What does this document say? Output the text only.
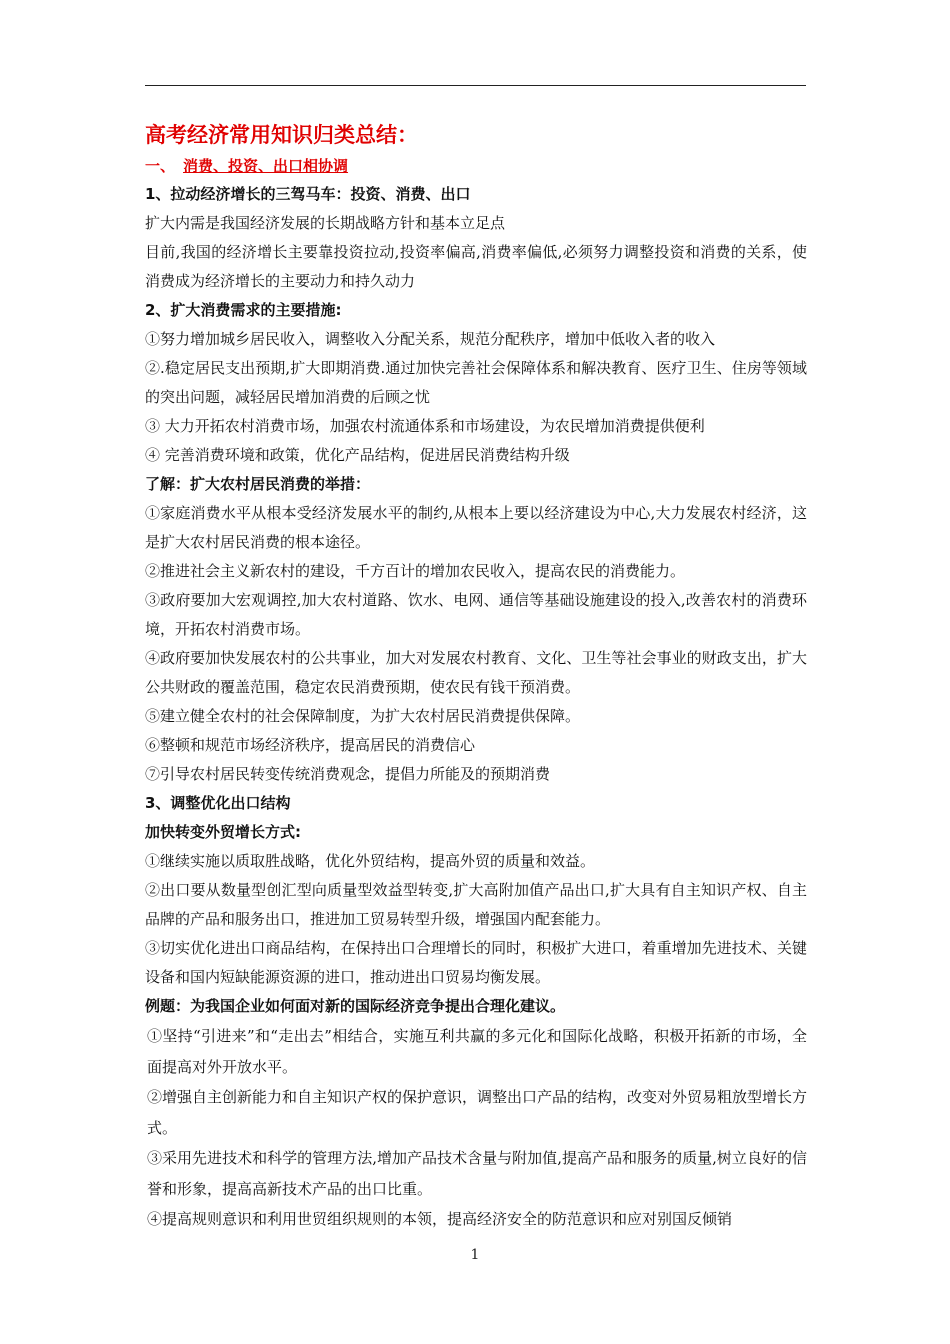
高考经济常用知识归类总结：
一、 消费、投资、出口相协调
1、拉动经济增长的三驾马车：投资、消费、出口
扩大内需是我国经济发展的长期战略方针和基本立足点
目前,我国的经济增长主要靠投资拉动,投资率偏高,消费率偏低,必须努力调整投资和消费的关系，使消费成为经济增长的主要动力和持久动力
2、扩大消费需求的主要措施:
①努力增加城乡居民收入，调整收入分配关系，规范分配秩序，增加中低收入者的收入
②.稳定居民支出预期,扩大即期消费.通过加快完善社会保障体系和解决教育、医疗卫生、住房等领域的突出问题，减轻居民增加消费的后顾之忧
③ 大力开拓农村消费市场，加强农村流通体系和市场建设，为农民增加消费提供便利
④ 完善消费环境和政策，优化产品结构，促进居民消费结构升级
了解：扩大农村居民消费的举措：
①家庭消费水平从根本受经济发展水平的制约,从根本上要以经济建设为中心,大力发展农村经济，这是扩大农村居民消费的根本途径。
②推进社会主义新农村的建设，千方百计的增加农民收入，提高农民的消费能力。
③政府要加大宏观调控,加大农村道路、饮水、电网、通信等基础设施建设的投入,改善农村的消费环境，开拓农村消费市场。
④政府要加快发展农村的公共事业，加大对发展农村教育、文化、卫生等社会事业的财政支出，扩大公共财政的覆盖范围，稳定农民消费预期，使农民有钱干预消费。
⑤建立健全农村的社会保障制度，为扩大农村居民消费提供保障。
⑥整顿和规范市场经济秩序，提高居民的消费信心
⑦引导农村居民转变传统消费观念，提倡力所能及的预期消费
3、调整优化出口结构
加快转变外贸增长方式:
①继续实施以质取胜战略，优化外贸结构，提高外贸的质量和效益。
②出口要从数量型创汇型向质量型效益型转变,扩大高附加值产品出口,扩大具有自主知识产权、自主品牌的产品和服务出口，推进加工贸易转型升级，增强国内配套能力。
③切实优化进出口商品结构，在保持出口合理增长的同时，积极扩大进口，着重增加先进技术、关键设备和国内短缺能源资源的进口，推动进出口贸易均衡发展。
例题：为我国企业如何面对新的国际经济竞争提出合理化建议。
①坚持“引进来”和“走出去”相结合，实施互利共赢的多元化和国际化战略，积极开拓新的市场，全面提高对外开放水平。
②增强自主创新能力和自主知识产权的保护意识，调整出口产品的结构，改变对外贸易粗放型增长方式。
③采用先进技术和科学的管理方法,增加产品技术含量与附加值,提高产品和服务的质量,树立良好的信誉和形象，提高高新技术产品的出口比重。
④提高规则意识和利用世贸组织规则的本领，提高经济安全的防范意识和应对别国反倾销
1
